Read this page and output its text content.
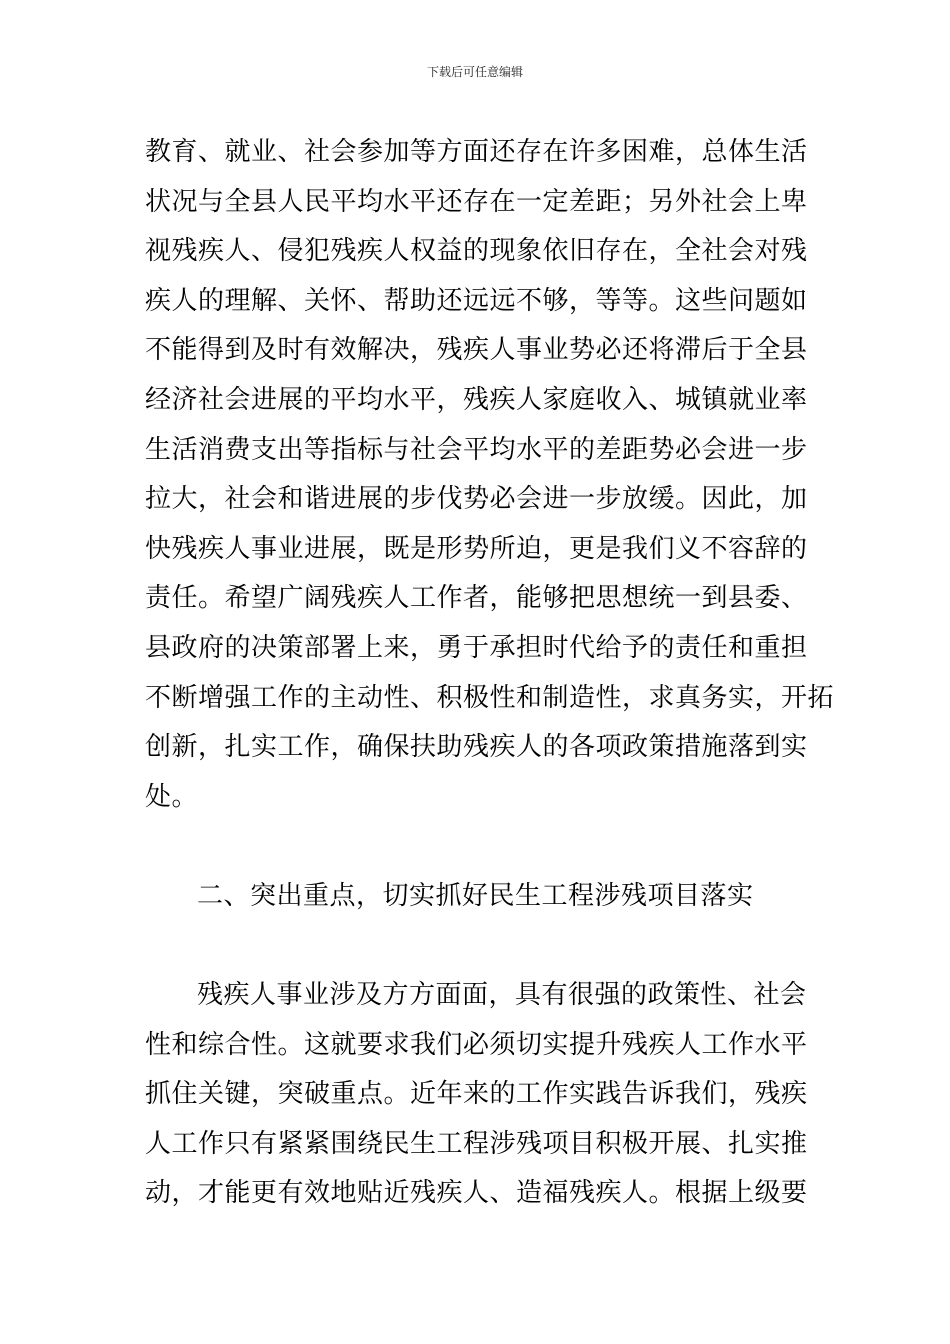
下载后可任意编辑
教育、就业、社会参加等方面还存在许多困难，总体生活
状况与全县人民平均水平还存在一定差距；另外社会上卑
视残疾人、侵犯残疾人权益的现象依旧存在，全社会对残
疾人的理解、关怀、帮助还远远不够，等等。这些问题如
不能得到及时有效解决，残疾人事业势必还将滞后于全县
经济社会进展的平均水平，残疾人家庭收入、城镇就业率
生活消费支出等指标与社会平均水平的差距势必会进一步
拉大，社会和谐进展的步伐势必会进一步放缓。因此，加
快残疾人事业进展，既是形势所迫，更是我们义不容辞的
责任。希望广阔残疾人工作者，能够把思想统一到县委、
县政府的决策部署上来，勇于承担时代给予的责任和重担
不断增强工作的主动性、积极性和制造性，求真务实，开拓
创新，扎实工作，确保扶助残疾人的各项政策措施落到实
处。
二、突出重点，切实抓好民生工程涉残项目落实
残疾人事业涉及方方面面，具有很强的政策性、社会
性和综合性。这就要求我们必须切实提升残疾人工作水平
抓住关键，突破重点。近年来的工作实践告诉我们，残疾
人工作只有紧紧围绕民生工程涉残项目积极开展、扎实推
动，才能更有效地贴近残疾人、造福残疾人。根据上级要
